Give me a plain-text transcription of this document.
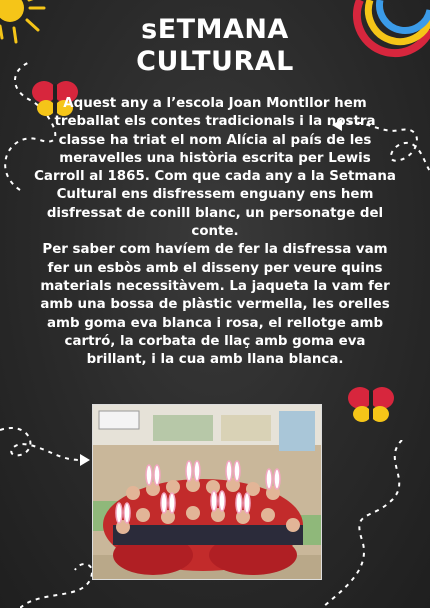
sETMANA
CULTURAL

Aquest any a l’escola Joan Montllor hem treballat els contes tradicionals i la nostra classe ha triat el nom Alícia al país de les meravelles una història escrita per Lewis Carroll al 1865. Com que cada any a la Setmana Cultural ens disfressem enguany ens hem disfressat de conill blanc, un personatge del conte.

Per saber com havíem de fer la disfressa vam fer un esbòs amb el disseny per veure quins materials necessitàvem. La jaqueta la vam fer amb una bossa de plàstic vermella, les orelles amb goma eva blanca i rosa, el rellotge amb cartró, la corbata de llaç amb goma eva brillant, i la cua amb llana blanca.
